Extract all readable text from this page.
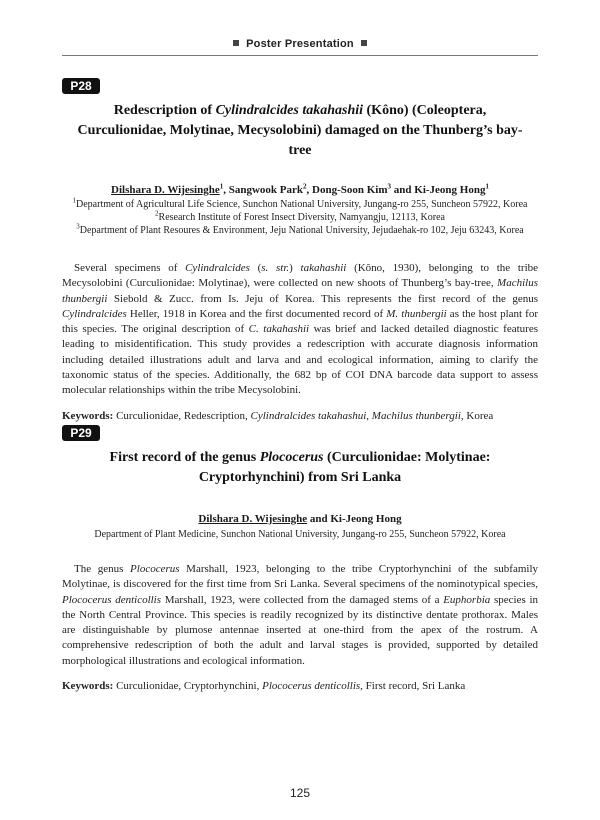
Poster Presentation
P28
Redescription of Cylindralcides takahashii (Kôno) (Coleoptera, Curculionidae, Molytinae, Mecysolobini) damaged on the Thunberg’s bay-tree
Dilshara D. Wijesinghe$^1$, Sangwook Park$^2$, Dong-Soon Kim$^3$ and Ki-Jeong Hong$^1$
$^1$Department of Agricultural Life Science, Sunchon National University, Jungang-ro 255, Suncheon 57922, Korea
$^2$Research Institute of Forest Insect Diversity, Namyangju, 12113, Korea
$^3$Department of Plant Resoures & Environment, Jeju National University, Jejudaehak-ro 102, Jeju 63243, Korea
Several specimens of Cylindralcides (s. str.) takahashii (Kôno, 1930), belonging to the tribe Mecysolobini (Curculionidae: Molytinae), were collected on new shoots of Thunberg’s bay-tree, Machilus thunbergii Siebold & Zucc. from Is. Jeju of Korea. This represents the first record of the genus Cylindralcides Heller, 1918 in Korea and the first documented record of M. thunbergii as the host plant for this species. The original description of C. takahashii was brief and lacked detailed diagnostic features leading to misidentification. This study provides a redescription with accurate diagnosis information including detailed illustrations adult and larva and and ecological information, aiming to clarify the taxonomic status of the species. Additionally, the 682 bp of COI DNA barcode data support to assess molecular relationships within the tribe Mecysolobini.
Keywords: Curculionidae, Redescription, Cylindralcides takahashui, Machilus thunbergii, Korea
P29
First record of the genus Plococerus (Curculionidae: Molytinae: Cryptorhynchini) from Sri Lanka
Dilshara D. Wijesinghe and Ki-Jeong Hong
Department of Plant Medicine, Sunchon National University, Jungang-ro 255, Suncheon 57922, Korea
The genus Plococerus Marshall, 1923, belonging to the tribe Cryptorhynchini of the subfamily Molytinae, is discovered for the first time from Sri Lanka. Several specimens of the nominotypical species, Plococerus denticollis Marshall, 1923, were collected from the damaged stems of a Euphorbia species in the North Central Province. This species is readily recognized by its distinctive dentate prothorax. Males are distinguishable by plumose antennae inserted at one-third from the apex of the rostrum. A comprehensive redescription of both the adult and larval stages is provided, supported by detailed morphological illustrations and ecological information.
Keywords: Curculionidae, Cryptorhynchini, Plococerus denticollis, First record, Sri Lanka
125
